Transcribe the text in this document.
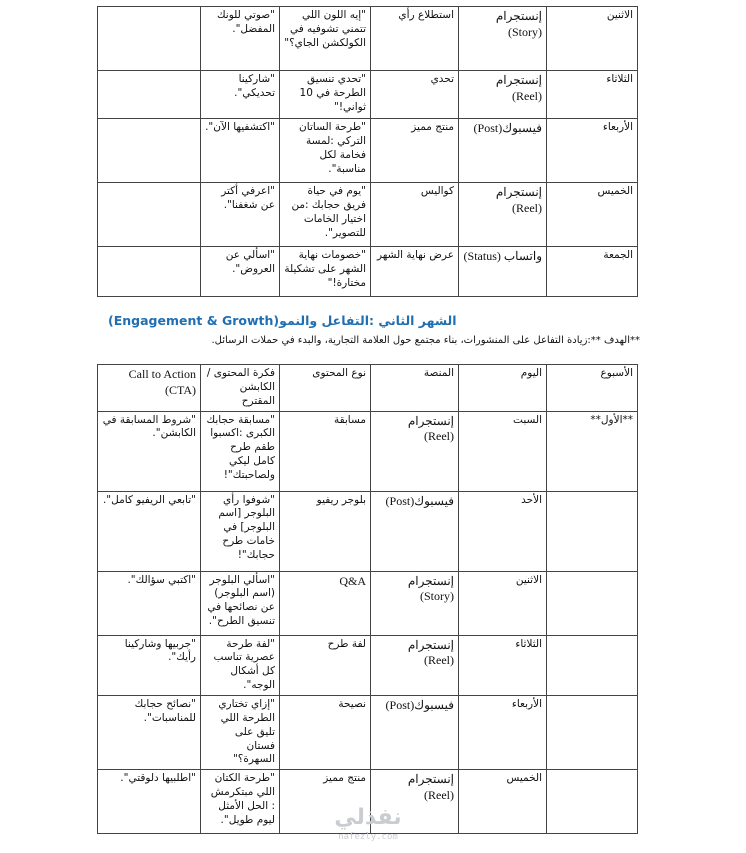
الاثنين	إنستجرام (Story)	استطلاع رأي	"إيه اللون اللي تتمني تشوفيه في الكولكشن الجاي؟"	"صوتي للونك المفضل".	
الثلاثاء	إنستجرام (Reel)	تحدي	"تحدي تنسيق الطرحة في 10 ثواني!"	"شاركينا تحديكي".	
الأربعاء	فيسبوك(Post)	منتج مميز	"طرحة الساتان التركي :لمسة فخامة لكل مناسبة".	"اكتشفيها الآن".	
الخميس	إنستجرام (Reel)	كواليس	"يوم في حياة فريق حجابك :من اختيار الخامات للتصوير".	"اعرفي أكتر عن شغفنا".	
الجمعة	واتساب (Status)	عرض نهاية الشهر	"خصومات نهاية الشهر على تشكيلة مختارة!"	"اسألي عن العروض".	
الشهر الثاني :التفاعل والنمو(Engagement & Growth)
**الهدف **:زيادة التفاعل على المنشورات، بناء مجتمع حول العلامة التجارية، والبدء في حملات الرسائل.
الأسبوع	اليوم	المنصة	نوع المحتوى	فكرة المحتوى / الكابشن المقترح	Call to Action (CTA)
**الأول**	السبت	إنستجرام (Reel)	مسابقة	"مسابقة حجابك الكبرى :اكسبوا طقم طرح كامل ليكي ولصاحبتك"!	"شروط المسابقة في الكابشن".
	الأحد	فيسبوك(Post)	بلوجر ريفيو	"شوفوا رأي البلوجر [اسم البلوجر] في خامات طرح حجابك"!	"تابعي الريفيو كامل".
	الاثنين	إنستجرام (Story)	Q&A	"اسألي البلوجر (اسم البلوجر) عن نصائحها في تنسيق الطرح".	"اكتبي سؤالك".
	الثلاثاء	إنستجرام (Reel)	لفة طرح	"لفة طرحة عصرية تناسب كل أشكال الوجه".	"جربيها وشاركينا رأيك".
	الأربعاء	فيسبوك(Post)	نصيحة	"إزاي تختاري الطرحة اللي تليق على فستان السهرة؟"	"نصائح حجابك للمناسبات".
	الخميس	إنستجرام (Reel)	منتج مميز	"طرحة الكتان اللي مبتكرمش : الحل الأمثل ليوم طويل".	"اطلبيها دلوقتي".
نفذلي
nafezly.com
